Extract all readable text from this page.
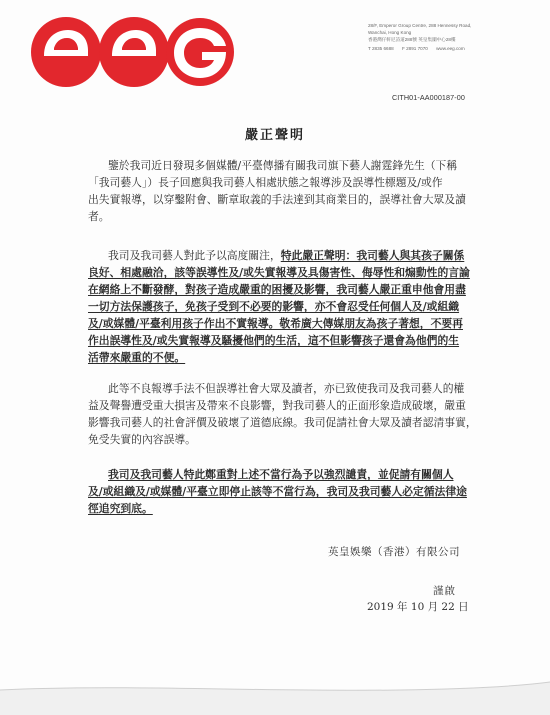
eeG
28/F, Emperor Group Centre, 288 Hennessy Road,
Wanchai, Hong Kong
香港灣仔軒尼詩道288號 英皇集團中心28樓
T 2835 6688 F 2891 7070 www.eeg.com
CITH01-AA000187-00
嚴正聲明
鑒於我司近日發現多個媒體/平臺傳播有關我司旗下藝人謝霆鋒先生（下稱
「我司藝人」）長子回應與我司藝人相處狀態之報導涉及誤導性標題及/或作
出失實報導，以穿鑿附會、斷章取義的手法達到其商業目的，誤導社會大眾及讀
者。
我司及我司藝人對此予以高度關注，特此嚴正聲明：我司藝人與其孩子關係
良好、相處融洽，該等誤導性及/或失實報導及具傷害性、侮辱性和煽動性的言論
在網絡上不斷發酵，對孩子造成嚴重的困擾及影響，我司藝人嚴正重申他會用盡
一切方法保護孩子，免孩子受到不必要的影響，亦不會忍受任何個人及/或組織
及/或媒體/平臺利用孩子作出不實報導。敬希廣大傳媒朋友為孩子著想，不要再
作出誤導性及/或失實報導及騷擾他們的生活，這不但影響孩子還會為他們的生
活帶來嚴重的不便。
此等不良報導手法不但誤導社會大眾及讀者，亦已致使我司及我司藝人的權
益及聲譽遭受重大損害及帶來不良影響，對我司藝人的正面形象造成破壞，嚴重
影響我司藝人的社會評價及破壞了道德底線。我司促請社會大眾及讀者認清事實，
免受失實的內容誤導。
我司及我司藝人特此鄭重對上述不當行為予以強烈譴責，並促請有關個人
及/或組織及/或媒體/平臺立即停止該等不當行為，我司及我司藝人必定循法律途
徑追究到底。
英皇娛樂（香港）有限公司
謹啟
2019 年 10 月 22 日
